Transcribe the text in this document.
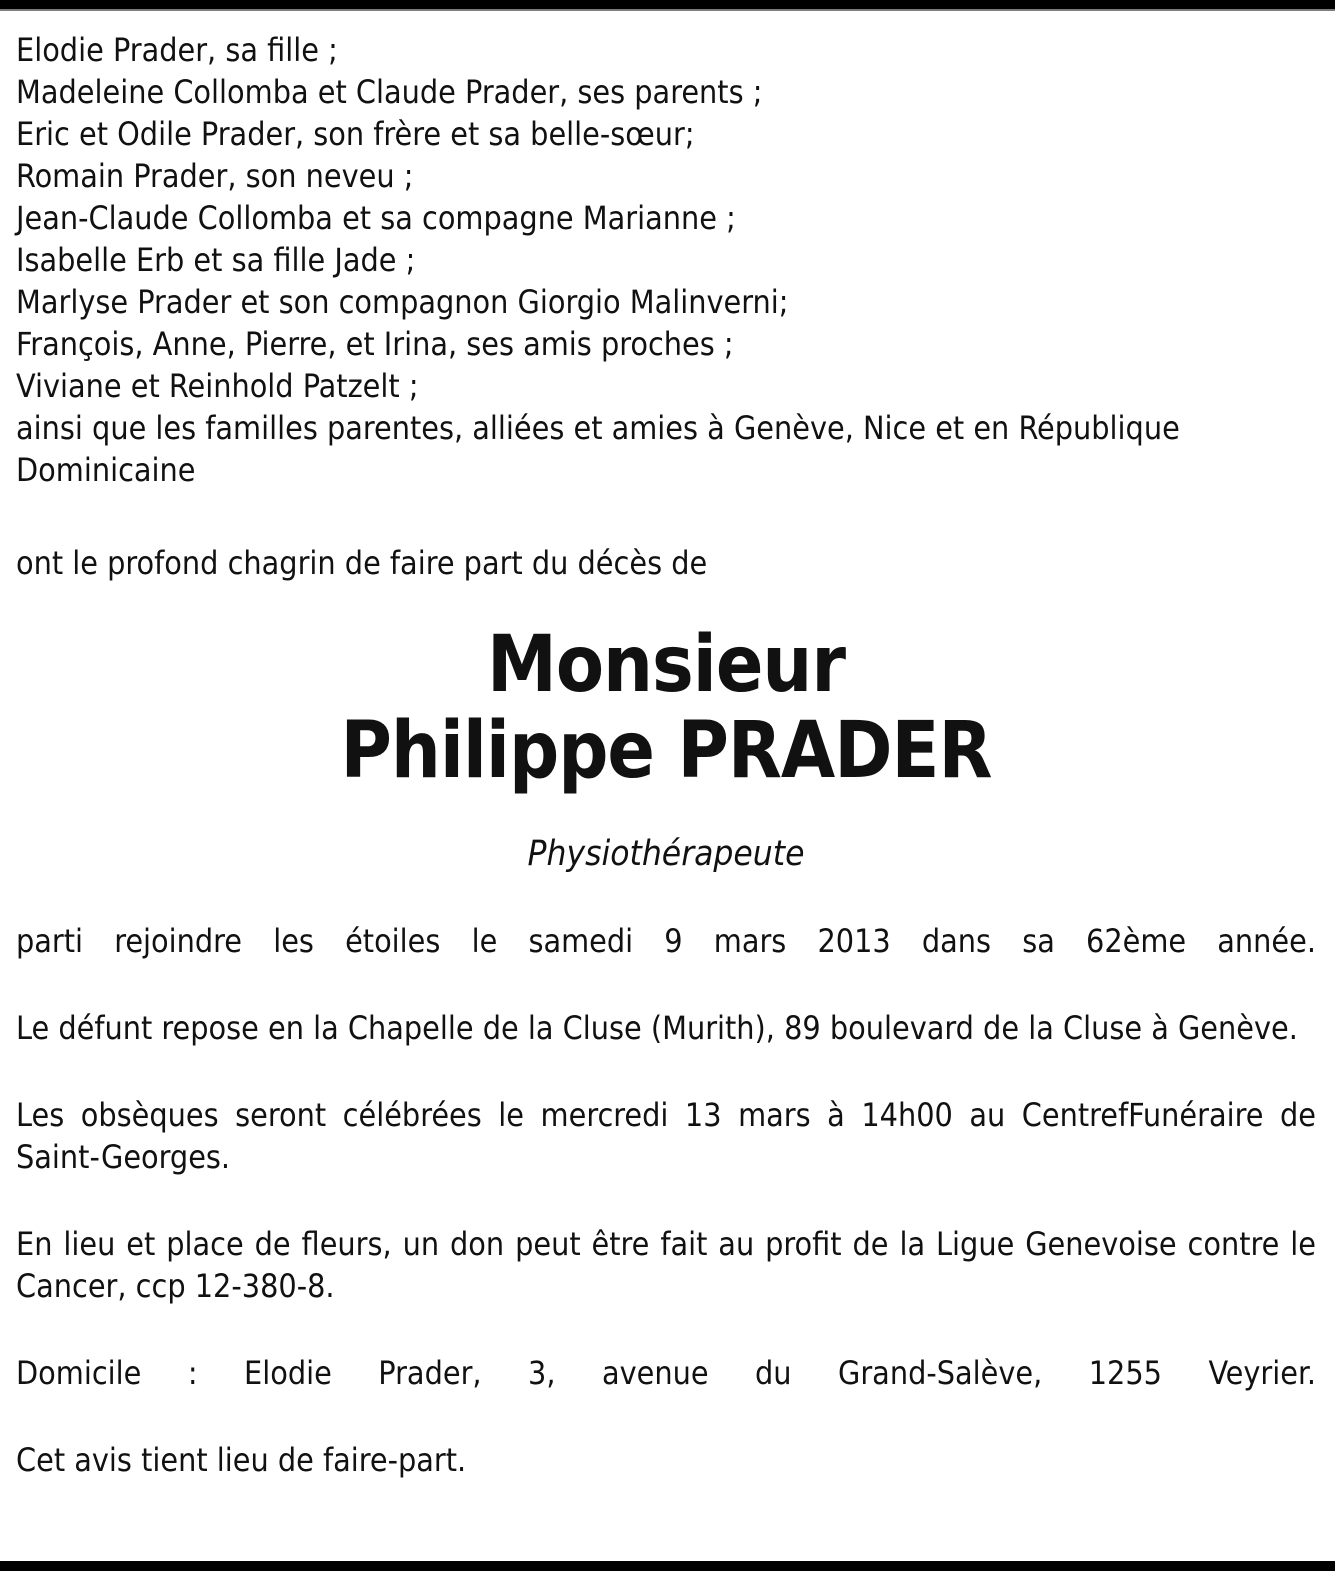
Elodie Prader, sa fille ;
Madeleine Collomba et Claude Prader, ses parents ;
Eric et Odile Prader, son frère et sa belle-sœur;
Romain Prader, son neveu ;
Jean-Claude Collomba et sa compagne Marianne ;
Isabelle Erb et sa fille Jade ;
Marlyse Prader et son compagnon Giorgio Malinverni;
François, Anne, Pierre, et Irina, ses amis proches ;
Viviane et Reinhold Patzelt ;
ainsi que les familles parentes, alliées et amies à Genève, Nice et en République Dominicaine

ont le profond chagrin de faire part du décès de

Monsieur
Philippe PRADER

Physiothérapeute

parti rejoindre les étoiles le samedi 9 mars 2013 dans sa 62ème année.

Le défunt repose en la Chapelle de la Cluse (Murith), 89 boulevard de la Cluse à Genève.

Les obsèques seront célébrées le mercredi 13 mars à 14h00 au CentrefFunéraire de Saint-Georges.

En lieu et place de fleurs, un don peut être fait au profit de la Ligue Genevoise contre le Cancer, ccp 12-380-8.

Domicile : Elodie Prader, 3, avenue du Grand-Salève, 1255 Veyrier.

Cet avis tient lieu de faire-part.
